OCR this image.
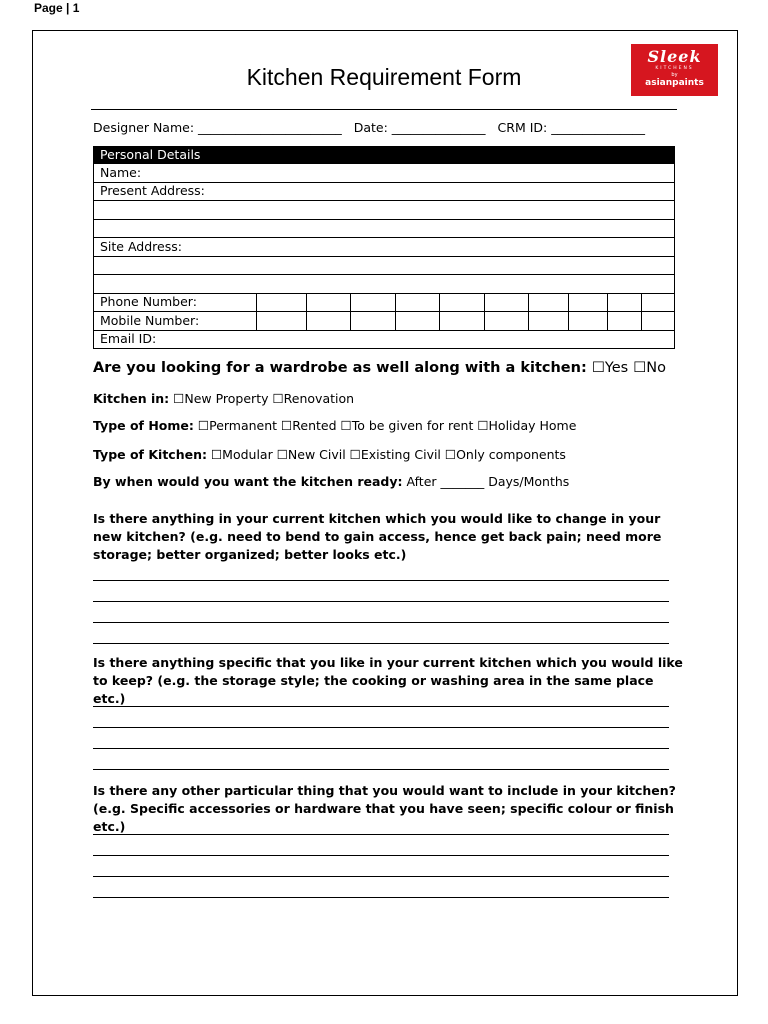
Page | 1
Kitchen Requirement Form
Sleek
KITCHENS
by
asianpaints
Designer Name: _______________________ Date: _______________ CRM ID: _______________
Personal Details										
Name:										
Present Address:										

Site Address:										

Phone Number:										
Mobile Number:										
Email ID:										
Are you looking for a wardrobe as well along with a kitchen: ☐Yes ☐No
Kitchen in: ☐New Property ☐Renovation
Type of Home: ☐Permanent ☐Rented ☐To be given for rent ☐Holiday Home
Type of Kitchen: ☐Modular ☐New Civil ☐Existing Civil ☐Only components
By when would you want the kitchen ready: After _______ Days/Months
Is there anything in your current kitchen which you would like to change in your new kitchen? (e.g. need to bend to gain access, hence get back pain; need more storage; better organized; better looks etc.)
Is there anything specific that you like in your current kitchen which you would like to keep? (e.g. the storage style; the cooking or washing area in the same place etc.)
Is there any other particular thing that you would want to include in your kitchen? (e.g. Specific accessories or hardware that you have seen; specific colour or finish etc.)
